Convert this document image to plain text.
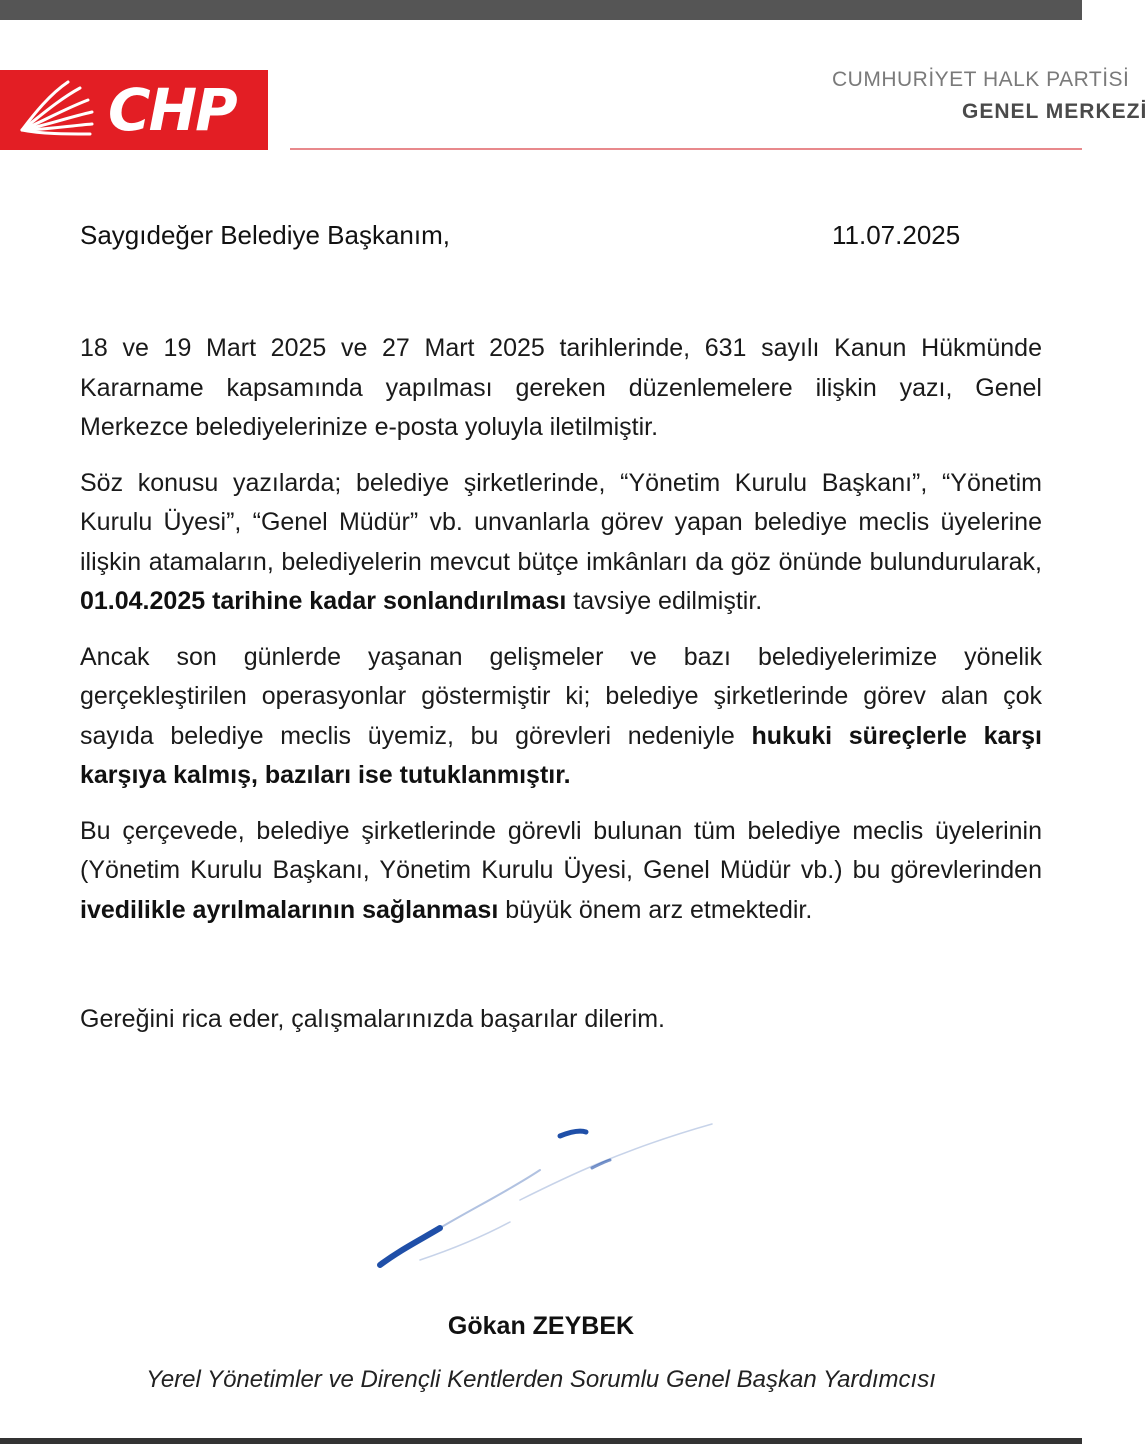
CHP	CUMHURİYET HALK PARTİSİ
GENEL MERKEZİ
Saygıdeğer Belediye Başkanım,	11.07.2025

18 ve 19 Mart 2025 ve 27 Mart 2025 tarihlerinde, 631 sayılı Kanun Hükmünde Kararname kapsamında yapılması gereken düzenlemelere ilişkin yazı, Genel Merkezce belediyelerinize e-posta yoluyla iletilmiştir.

Söz konusu yazılarda; belediye şirketlerinde, “Yönetim Kurulu Başkanı”, “Yönetim Kurulu Üyesi”, “Genel Müdür” vb. unvanlarla görev yapan belediye meclis üyelerine ilişkin atamaların, belediyelerin mevcut bütçe imkânları da göz önünde bulundurularak, 01.04.2025 tarihine kadar sonlandırılması tavsiye edilmiştir.

Ancak son günlerde yaşanan gelişmeler ve bazı belediyelerimize yönelik gerçekleştirilen operasyonlar göstermiştir ki; belediye şirketlerinde görev alan çok sayıda belediye meclis üyemiz, bu görevleri nedeniyle hukuki süreçlerle karşı karşıya kalmış, bazıları ise tutuklanmıştır.

Bu çerçevede, belediye şirketlerinde görevli bulunan tüm belediye meclis üyelerinin (Yönetim Kurulu Başkanı, Yönetim Kurulu Üyesi, Genel Müdür vb.) bu görevlerinden ivedilikle ayrılmalarının sağlanması büyük önem arz etmektedir.

Gereğini rica eder, çalışmalarınızda başarılar dilerim.
Gökan ZEYBEK
Yerel Yönetimler ve Dirençli Kentlerden Sorumlu Genel Başkan Yardımcısı
